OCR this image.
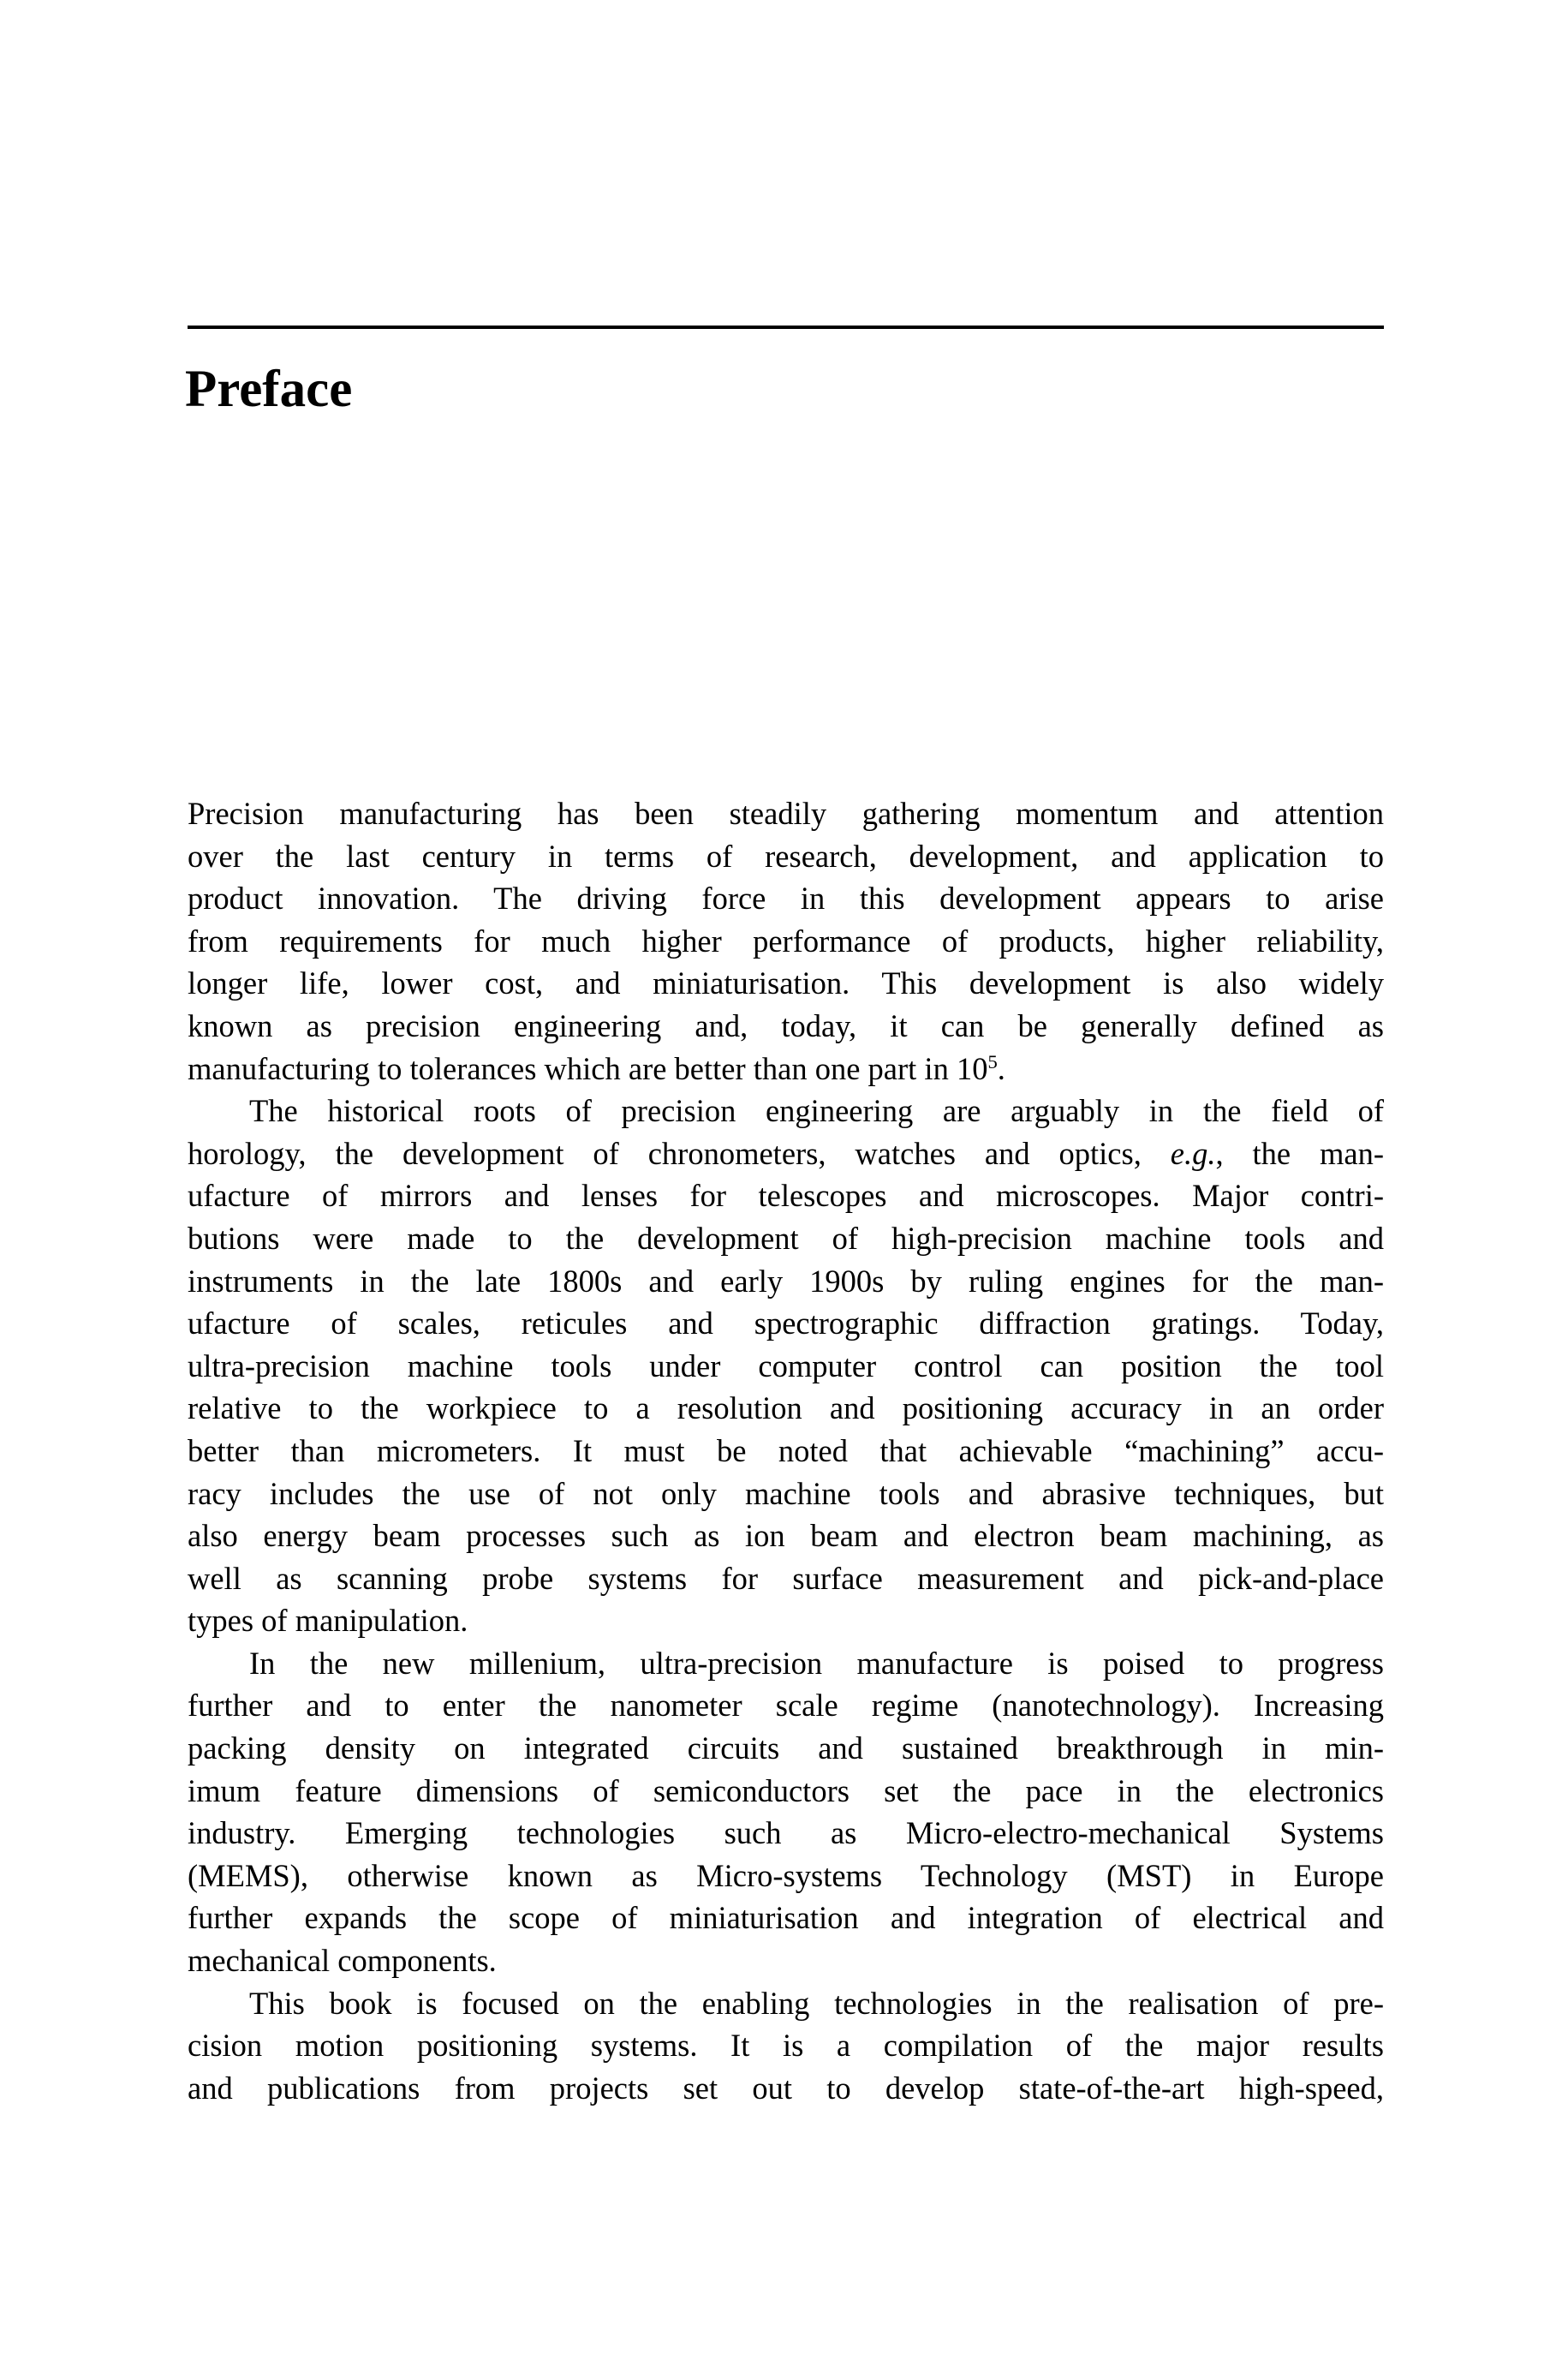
Preface
Precision manufacturing has been steadily gathering momentum and attention
over the last century in terms of research, development, and application to
product innovation. The driving force in this development appears to arise
from requirements for much higher performance of products, higher reliability,
longer life, lower cost, and miniaturisation. This development is also widely
known as precision engineering and, today, it can be generally defined as
manufacturing to tolerances which are better than one part in $10^5$.
The historical roots of precision engineering are arguably in the field of
horology, the development of chronometers, watches and optics, e.g., the man-
ufacture of mirrors and lenses for telescopes and microscopes. Major contri-
butions were made to the development of high-precision machine tools and
instruments in the late 1800s and early 1900s by ruling engines for the man-
ufacture of scales, reticules and spectrographic diffraction gratings. Today,
ultra-precision machine tools under computer control can position the tool
relative to the workpiece to a resolution and positioning accuracy in an order
better than micrometers. It must be noted that achievable “machining” accu-
racy includes the use of not only machine tools and abrasive techniques, but
also energy beam processes such as ion beam and electron beam machining, as
well as scanning probe systems for surface measurement and pick-and-place
types of manipulation.
In the new millenium, ultra-precision manufacture is poised to progress
further and to enter the nanometer scale regime (nanotechnology). Increasing
packing density on integrated circuits and sustained breakthrough in min-
imum feature dimensions of semiconductors set the pace in the electronics
industry. Emerging technologies such as Micro-electro-mechanical Systems
(MEMS), otherwise known as Micro-systems Technology (MST) in Europe
further expands the scope of miniaturisation and integration of electrical and
mechanical components.
This book is focused on the enabling technologies in the realisation of pre-
cision motion positioning systems. It is a compilation of the major results
and publications from projects set out to develop state-of-the-art high-speed,
